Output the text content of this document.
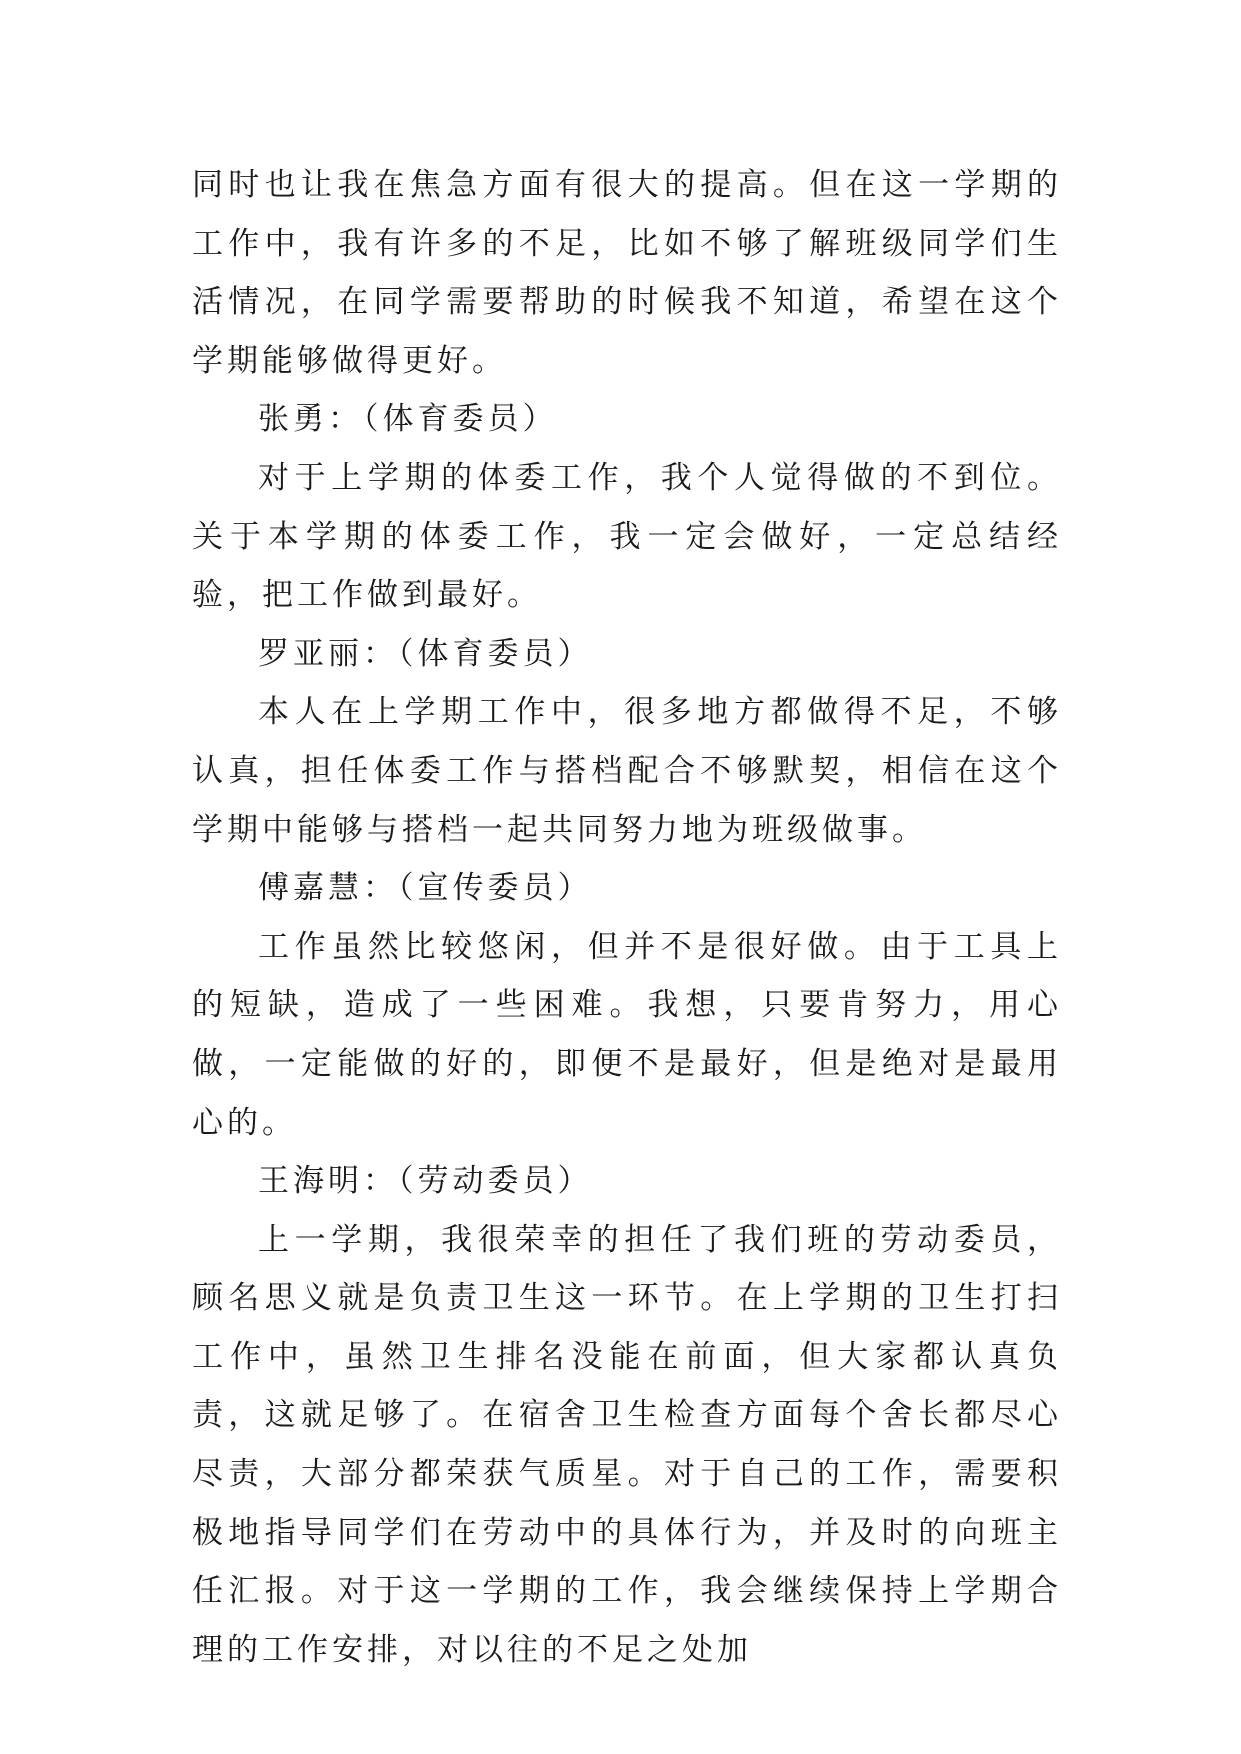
同时也让我在焦急方面有很大的提高。但在这一学期的工作中，我有许多的不足，比如不够了解班级同学们生活情况，在同学需要帮助的时候我不知道，希望在这个学期能够做得更好。

张勇：（体育委员）

对于上学期的体委工作，我个人觉得做的不到位。关于本学期的体委工作，我一定会做好，一定总结经验，把工作做到最好。

罗亚丽：（体育委员）

本人在上学期工作中，很多地方都做得不足，不够认真，担任体委工作与搭档配合不够默契，相信在这个学期中能够与搭档一起共同努力地为班级做事。

傅嘉慧：（宣传委员）

工作虽然比较悠闲，但并不是很好做。由于工具上的短缺，造成了一些困难。我想，只要肯努力，用心做，一定能做的好的，即便不是最好，但是绝对是最用心的。

王海明：（劳动委员）

上一学期，我很荣幸的担任了我们班的劳动委员，顾名思义就是负责卫生这一环节。在上学期的卫生打扫工作中，虽然卫生排名没能在前面，但大家都认真负责，这就足够了。在宿舍卫生检查方面每个舍长都尽心尽责，大部分都荣获气质星。对于自己的工作，需要积极地指导同学们在劳动中的具体行为，并及时的向班主任汇报。对于这一学期的工作，我会继续保持上学期合理的工作安排，对以往的不足之处加
